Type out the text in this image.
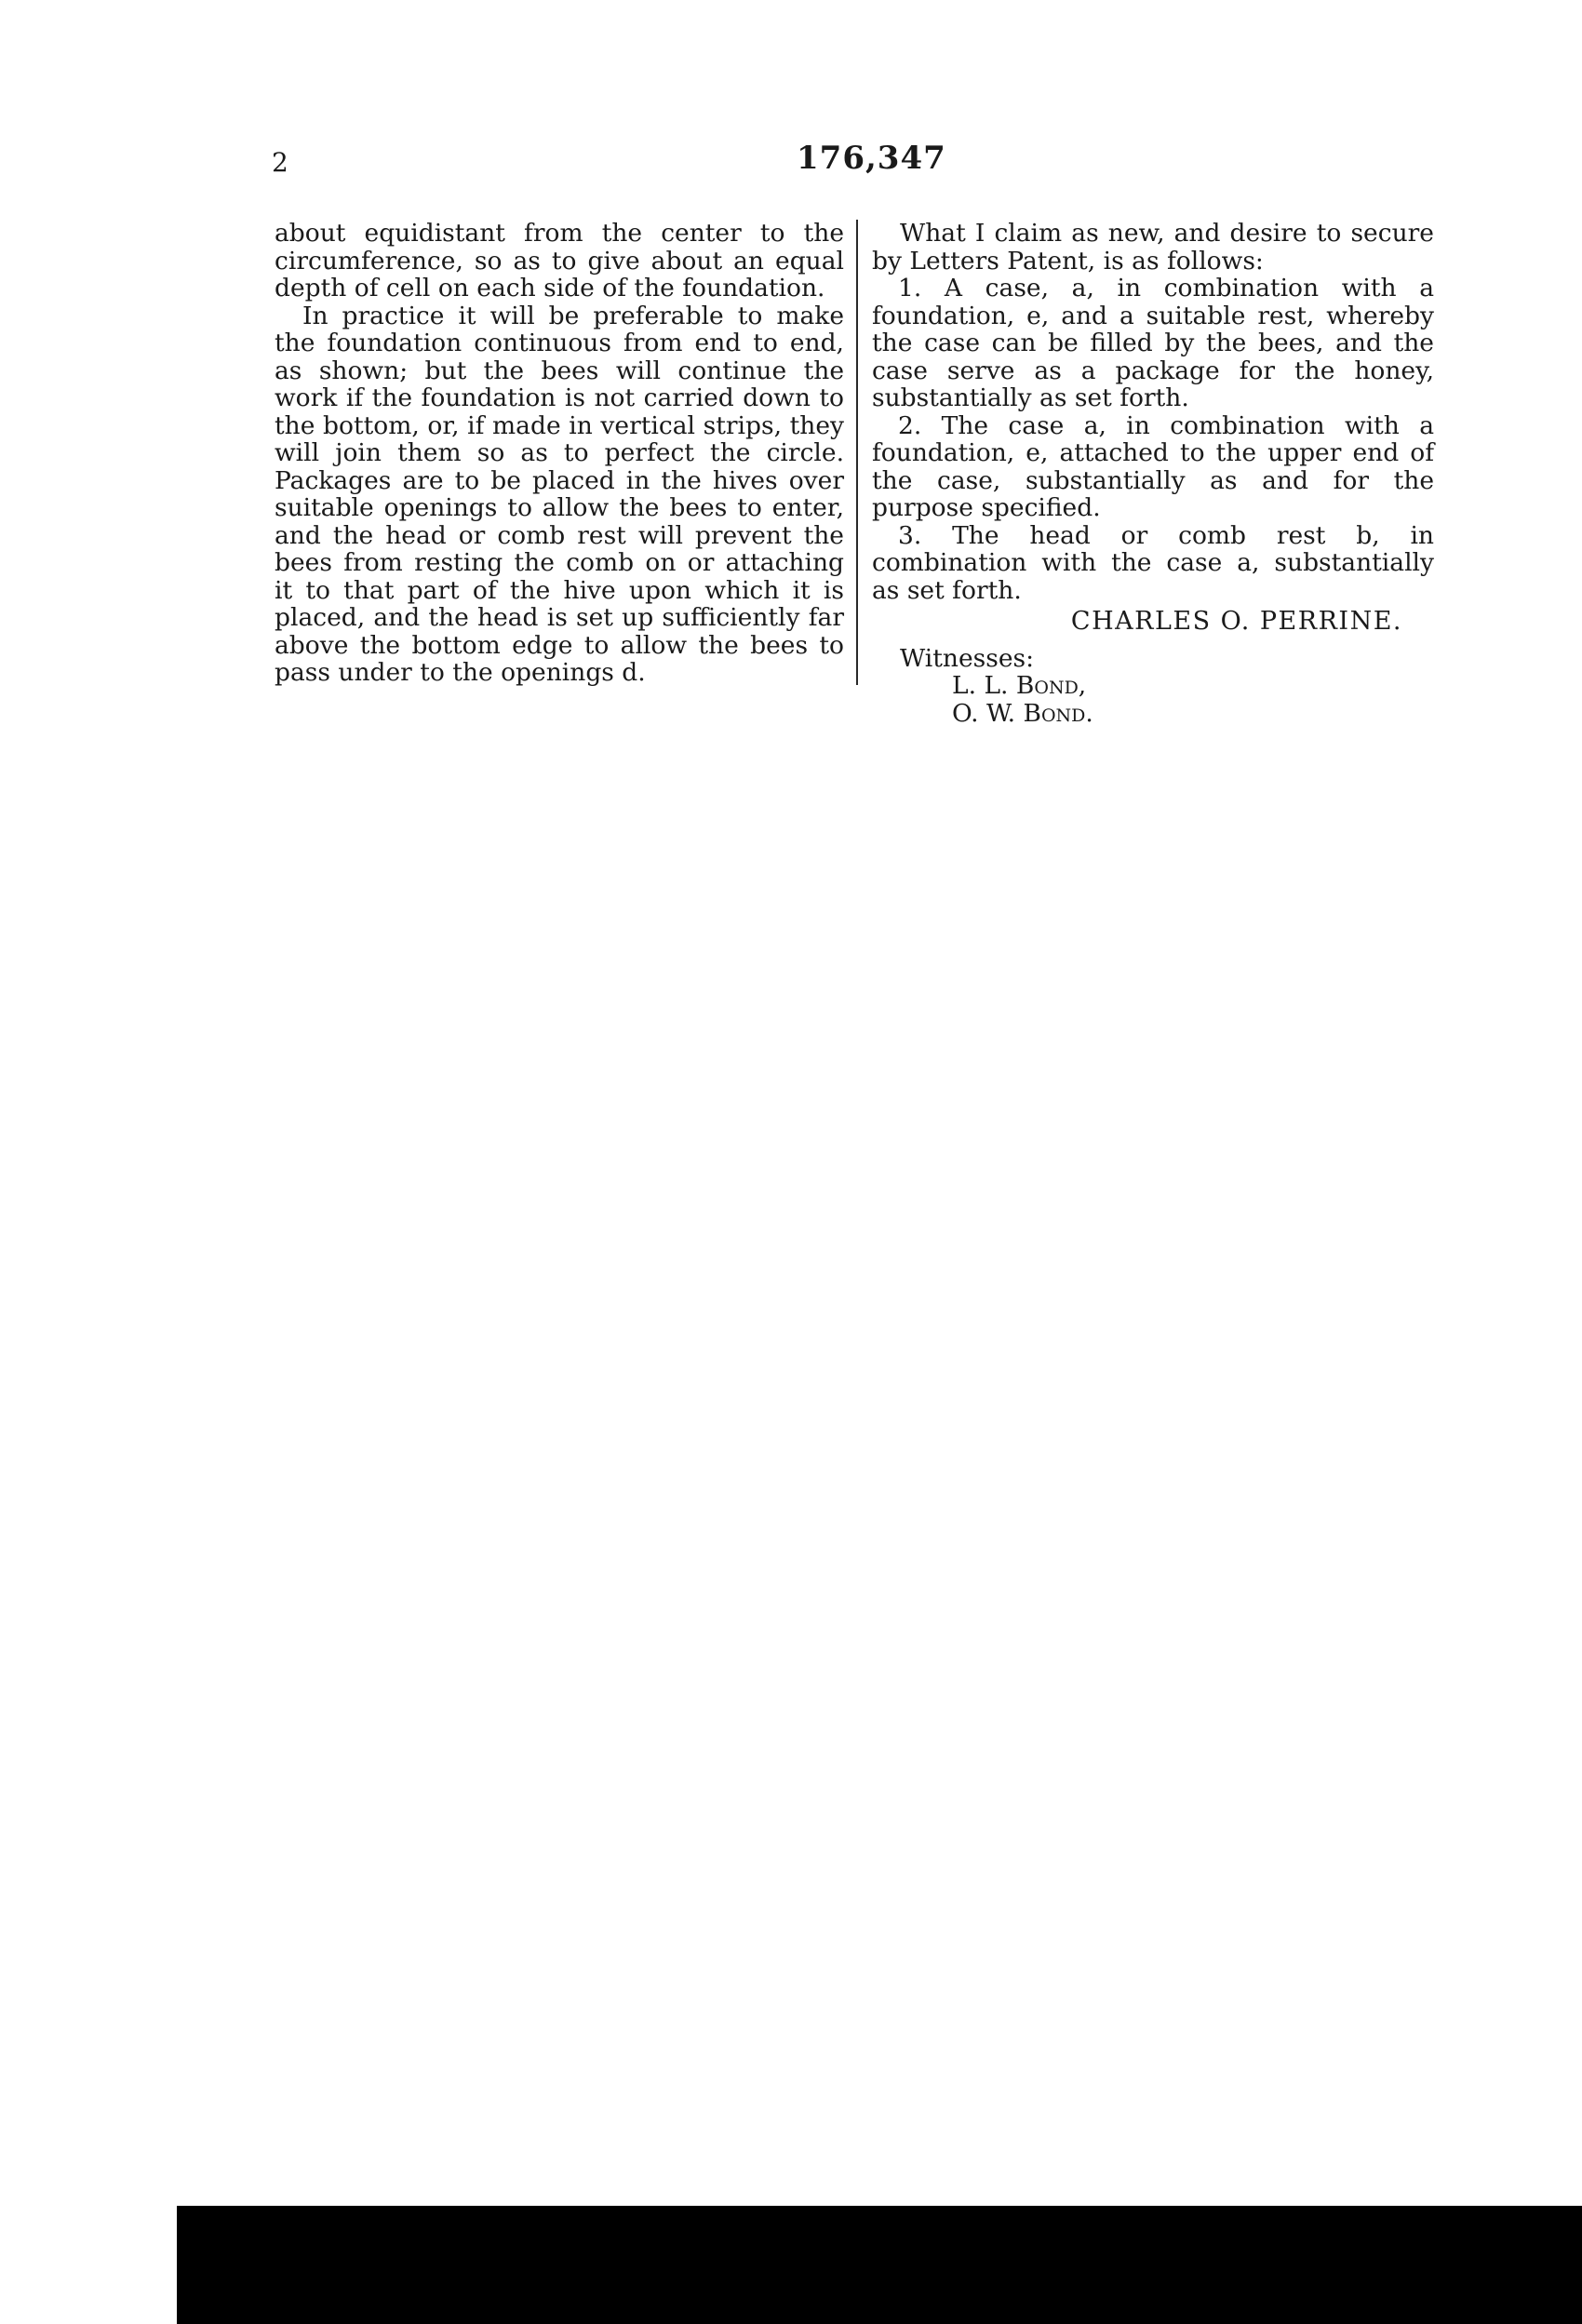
2	176,347

about equidistant from the center to the circumference, so as to give about an equal depth of cell on each side of the foundation.

In practice it will be preferable to make the foundation continuous from end to end, as shown; but the bees will continue the work if the foundation is not carried down to the bottom, or, if made in vertical strips, they will join them so as to perfect the circle. Packages are to be placed in the hives over suitable openings to allow the bees to enter, and the head or comb rest will prevent the bees from resting the comb on or attaching it to that part of the hive upon which it is placed, and the head is set up sufficiently far above the bottom edge to allow the bees to pass under to the openings d.

What I claim as new, and desire to secure by Letters Patent, is as follows:

1. A case, a, in combination with a foundation, e, and a suitable rest, whereby the case can be filled by the bees, and the case serve as a package for the honey, substantially as set forth.

2. The case a, in combination with a foundation, e, attached to the upper end of the case, substantially as and for the purpose specified.

3. The head or comb rest b, in combination with the case a, substantially as set forth.

CHARLES O. PERRINE.

Witnesses:

L. L. Bond,

O. W. Bond.
